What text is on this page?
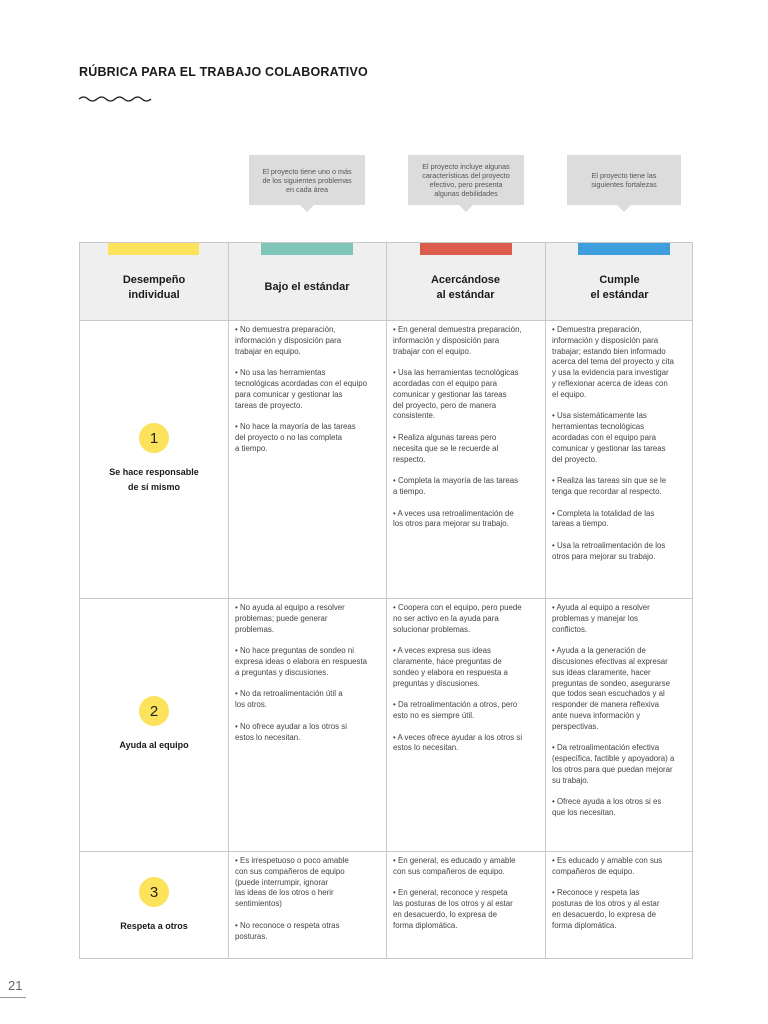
RÚBRICA PARA EL TRABAJO COLABORATIVO
El proyecto tiene uno o más
de los siguientes problemas
en cada área
El proyecto incluye algunas
características del proyecto
efectivo, pero presenta
algunas debilidades
El proyecto tiene las
siguientes fortalezas
Desempeño
individual
Bajo el estándar
Acercándose
al estándar
Cumple
el estándar
1
Se hace responsable
de sí mismo

• No demuestra preparación,
información y disposición para
trabajar en equipo.

• No usa las herramientas
tecnológicas acordadas con el equipo
para comunicar y gestionar las
tareas de proyecto.

• No hace la mayoría de las tareas
del proyecto o no las completa
a tiempo.

• En general demuestra preparación,
información y disposición para
trabajar con el equipo.

• Usa las herramientas tecnológicas
acordadas con el equipo para
comunicar y gestionar las tareas
del proyecto, pero de manera
consistente.

• Realiza algunas tareas pero
necesita que se le recuerde al
respecto.

• Completa la mayoría de las tareas
a tiempo.

• A veces usa retroalimentación de
los otros para mejorar su trabajo.

• Demuestra preparación,
información y disposición para
trabajar; estando bien informado
acerca del tema del proyecto y cita
y usa la evidencia para investigar
y reflexionar acerca de ideas con
el equipo.

• Usa sistemáticamente las
herramientas tecnológicas
acordadas con el equipo para
comunicar y gestionar las tareas
del proyecto.

• Realiza las tareas sin que se le
tenga que recordar al respecto.

• Completa la totalidad de las
tareas a tiempo.

• Usa la retroalimentación de los
otros para mejorar su trabajo.

2
Ayuda al equipo

• No ayuda al equipo a resolver
problemas; puede generar
problemas.

• No hace preguntas de sondeo ni
expresa ideas o elabora en respuesta
a preguntas y discusiones.

• No da retroalimentación útil a
los otros.

• No ofrece ayudar a los otros si
estos lo necesitan.

• Coopera con el equipo, pero puede
no ser activo en la ayuda para
solucionar problemas.

• A veces expresa sus ideas
claramente, hace preguntas de
sondeo y elabora en respuesta a
preguntas y discusiones.

• Da retroalimentación a otros, pero
esto no es siempre útil.

• A veces ofrece ayudar a los otros si
estos lo necesitan.

• Ayuda al equipo a resolver
problemas y manejar los
conflictos.

• Ayuda a la generación de
discusiones efectivas al expresar
sus ideas claramente, hacer
preguntas de sondeo, asegurarse
que todos sean escuchados y al
responder de manera reflexiva
ante nueva información y
perspectivas.

• Da retroalimentación efectiva
(específica, factible y apoyadora) a
los otros para que puedan mejorar
su trabajo.

• Ofrece ayuda a los otros si es
que los necesitan.

3
Respeta a otros

• Es irrespetuoso o poco amable
con sus compañeros de equipo
(puede interrumpir, ignorar
las ideas de los otros o herir
sentimientos)

• No reconoce o respeta otras
posturas.

• En general, es educado y amable
con sus compañeros de equipo.

• En general, reconoce y respeta
las posturas de los otros y al estar
en desacuerdo, lo expresa de
forma diplomática.

• Es educado y amable con sus
compañeros de equipo.

• Reconoce y respeta las
posturas de los otros y al estar
en desacuerdo, lo expresa de
forma diplomática.

21
